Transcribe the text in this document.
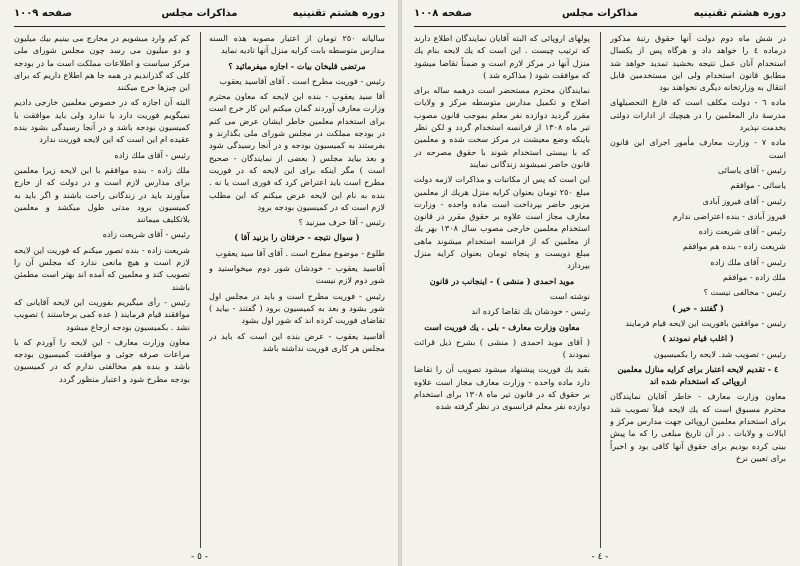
دوره هشتم تقنينيه
مذاكرات مجلس
صفحه ١٠٠٩

ساليانه ٢٥٠ تومان از اعتبار مصوبه هذه السنه مدارس متوسطه بابت كرايه منزل آنها تاديه نمايد

مرتضى قليخان بيات - اجازه ميفرمائيد ؟

رئيس - فوريت مطرح است . آقاى آقاسيد يعقوب

آقا سيد يعقوب - بنده اين لايحه كه معاون محترم وزارت معارف آوردند گمان ميكنم اين كار خرج است براى استخدام معلمين خاطر ايشان عرض مى كنم در بودجه مملكت در مجلس شوراى ملى بگذارند و بفرستند به كميسيون بودجه و در آنجا رسيدگى شود و بعد بيايد مجلس ( بعضى از نمايندگان - صحيح است ) مگر اينكه براى اين لايحه كه در فوريت مطرح است بايد اعتراض كرد كه فورى است يا نه . بنده به نام اين لايحه عرض ميكنم كه اين مطلب لازم است كه در كميسيون بودجه برود

رئيس - آقا حرف ميزنيد ؟

( سوال نتيجه - حرفتان را بزنيد آقا )

طلوع - موضوع مطرح است . آقاى آقا سيد يعقوب

آقاسيد يعقوب - خودشان شور دوم ميخواستيد و شور دوم لازم نيست

رئيس - فوريت مطرح است و بايد در مجلس اول شور بشود و بعد به كميسيون برود ( گفتند - بيايد ) تقاضاى فوريت كرده اند كه شور اول بشود

آقاسيد يعقوب - عرض بنده اين است كه بايد در مجلس هر كارى فوريت نداشته باشد

كم كم وارد ميشويم در مخارج مى بينيم بيك ميليون و دو ميليون مى رسد چون مجلس شوراى ملى مركز سياست و اطلاعات مملكت است ما در بودجه كلى كه گذرانديم در همه جا هم اطلاع داريم كه براى اين چيزها خرج ميكنند

البته آن اجازه كه در خصوص معلمين خارجى داديم نميگويم فوريت دارد يا ندارد ولى بايد موافقت با كميسيون بودجه باشد و در آنجا رسيدگى بشود بنده عقيده ام اين است كه اين لايحه فوريت ندارد

رئيس - آقاى ملك زاده

ملك زاده - بنده موافقم با اين لايحه زيرا معلمين براى مدارس لازم است و در دولت كه از خارج ميآورند بايد در زندگانى راحت باشند و اگر بايد به كميسيون برود مدتى طول ميكشد و معلمين بلاتكليف ميمانند

رئيس - آقاى شريعت زاده

شريعت زاده - بنده تصور ميكنم كه فوريت اين لايحه لازم است و هيچ مانعى ندارد كه مجلس آن را تصويب كند و معلمين كه آمده اند بهتر است مطمئن باشند

رئيس - رأى ميگيريم بفوريت اين لايحه آقايانى كه موافقند قيام فرمايند ( عده كمى برخاستند ) تصويب نشد . بكميسيون بودجه ارجاع ميشود

معاون وزارت معارف - اين لايحه را آوردم كه با مراعات صرفه جوئى و موافقت كميسيون بودجه باشد و بنده هم مخالفتى ندارم كه در كميسيون بودجه مطرح شود و اعتبار منظور گردد

- ٥ -
دوره هشتم تقنينيه
مذاكرات مجلس
صفحه ١٠٠٨

در شش ماه دوم دولت آنها حقوق رتبهٔ مذكور درماده ٤ را خواهد داد و هرگاه پس از يكسال استخدام آنان عمل نتيجه بخشيد تمديد خواهد شد مطابق قانون استخدام ولى اين مستخدمين قابل انتقال به وزارتخانه ديگرى نخواهند بود

ماده ٦ - دولت مكلف است كه فارغ التحصيلهاى مدرسهٔ دار المعلمين را در هيچيك از ادارات دولتى بخدمت نپذيرد

ماده ٧ - وزارت معارف مأمور اجراى اين قانون است

رئيس - آقاى ياسائى

ياسائى - موافقم

رئيس - آقاى فيروز آبادى

فيروز آبادى - بنده اعتراضى ندارم

رئيس - آقاى شريعت زاده

شريعت زاده - بنده هم موافقم

رئيس - آقاى ملك زاده

ملك زاده - موافقم

رئيس - مخالفى نيست ؟

( گفتند - خير )

رئيس - موافقين بافوريت اين لايحه قيام فرمايند

( اغلب قيام نمودند )

رئيس - تصويب شد. لايحه را بكميسيون

٤ - تقديم لايحه اعتبار براى كرايه منازل معلمين اروپائى كه استخدام شده اند

معاون وزارت معارف - خاطر آقايان نمايندگان محترم مسبوق است كه يك لايحه قبلاً تصويب شد براى استخدام معلمين اروپائى جهت مدارس مركز و ايالات و ولايات . در آن تاريخ مبلغى را كه ما پيش بينى كرده بوديم براى حقوق آنها كافى بود و اخيراً براى تعيين نرخ

پولهاى اروپائى كه البته آقايان نمايندگان اطلاع دارند كه ترتيب چيست . اين است كه يك لايحه بنام يك منزل آنها در مركز لازم است و ضمناً تقاضا ميشود كه موافقت شود ( مذاكره شد )

نمايندگان محترم مستحضر است درهمه ساله براى اصلاح و تكميل مدارس متوسطه مركز و ولايات مقرر گرديد دوازده نفر معلم بموجب قانون مصوب تير ماه ١٣٠٨ از فرانسه استخدام گردد و لكن نظر باينكه وضع معيشت در مركز سخت شده و معلمين كه با بيستى استخدام شوند با حقوق مصرحه در قانون حاضر نميشوند زندگانى نمايند

اين است كه پس از مكاتبات و مذاكرات لازمه دولت مبلغ ٢٥٠ تومان بعنوان كرايه منزل هريك از معلمين مزبور حاضر بپرداخت است ماده واحده - وزارت معارف مجاز است علاوه بر حقوق مقرر در قانون استخدام معلمين خارجى مصوب سال ١٣٠٨ بهر يك از معلمين كه از فرانسه استخدام ميشوند ماهى مبلغ دويست و پنجاه تومان بعنوان كرايه منزل بپردازد

موید احمدى ( منشى ) - اينجانب در قانون

نوشته است

رئيس - خودشان يك تقاضا كرده اند

معاون وزارت معارف - بلى . يك فوريت است

( آقاى موید احمدى ( منشى ) بشرح ذيل قرائت نمودند )

بقيد يك فوريت پيشنهاد ميشود تصويب آن را تقاضا دارد ماده واحده - وزارت معارف مجاز است علاوه بر حقوق كه در قانون تير ماه ١٣٠٨ براى استخدام دوازده نفر معلم فرانسوى در نظر گرفته شده

- ٤ -
